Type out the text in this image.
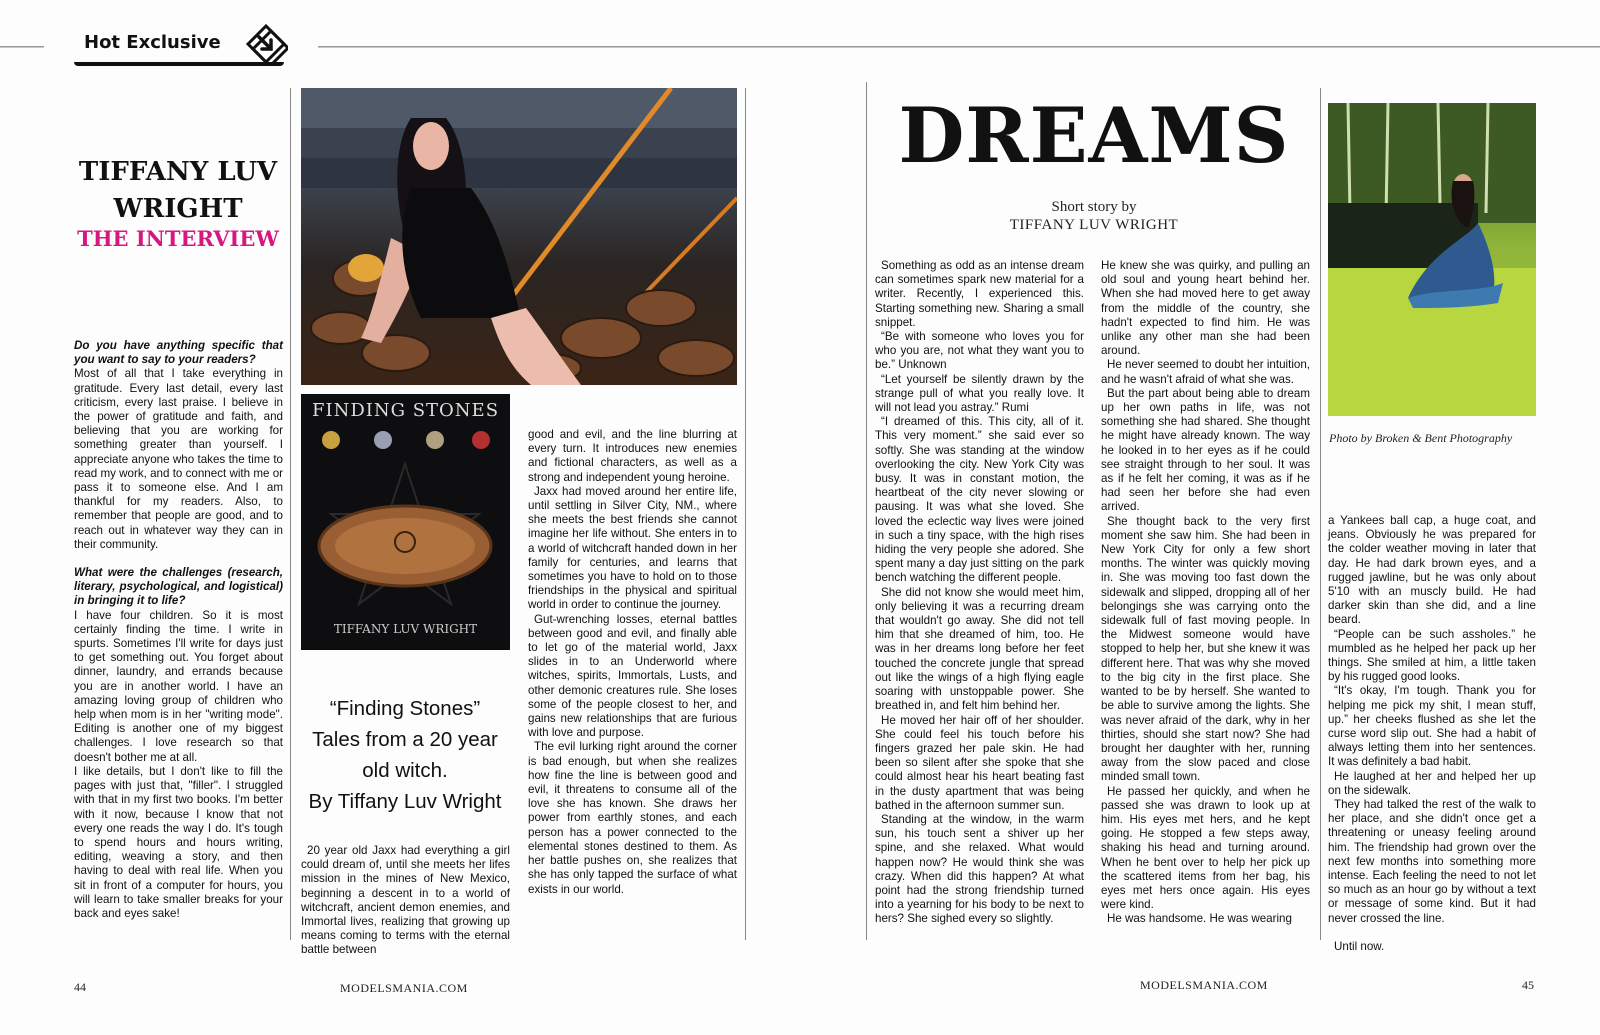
Hot Exclusive
TIFFANY LUV
WRIGHT
THE INTERVIEW

Do you have anything specific that you want to say to your readers?

Most of all that I take everything in gratitude. Every last detail, every last criticism, every last praise. I believe in the power of gratitude and faith, and believing that you are working for something greater than yourself. I appreciate anyone who takes the time to read my work, and to connect with me or pass it to someone else. And I am thankful for my readers. Also, to remember that people are good, and to reach out in whatever way they can in their community.

What were the challenges (research, literary, psychological, and logistical) in bringing it to life?

I have four children. So it is most certainly finding the time. I write in spurts. Sometimes I'll write for days just to get something out. You forget about dinner, laundry, and errands because you are in another world. I have an amazing loving group of children who help when mom is in her "writing mode". Editing is another one of my biggest challenges. I love research so that doesn't bother me at all.

I like details, but I don't like to fill the pages with just that, "filler". I struggled with that in my first two books. I'm better with it now, because I know that not every one reads the way I do. It's tough to spend hours and hours writing, editing, weaving a story, and then having to deal with real life. When you sit in front of a computer for hours, you will learn to take smaller breaks for your back and eyes sake!

FINDING STONES
TIFFANY LUV WRIGHT
“Finding Stones”
Tales from a 20 year
old witch.
By Tiffany Luv Wright

20 year old Jaxx had everything a girl could dream of, until she meets her lifes mission in the mines of New Mexico, beginning a descent in to a world of witchcraft, ancient demon enemies, and Immortal lives, realizing that growing up means coming to terms with the eternal battle between

good and evil, and the line blurring at every turn. It introduces new enemies and fictional characters, as well as a strong and independent young heroine.

Jaxx had moved around her entire life, until settling in Silver City, NM., where she meets the best friends she cannot imagine her life without. She enters in to a world of witchcraft handed down in her family for centuries, and learns that sometimes you have to hold on to those friendships in the physical and spiritual world in order to continue the journey.

Gut-wrenching losses, eternal battles between good and evil, and finally able to let go of the material world, Jaxx slides in to an Underworld where witches, spirits, Immortals, Lusts, and other demonic creatures rule. She loses some of the people closest to her, and gains new relationships that are furious with love and purpose.

The evil lurking right around the corner is bad enough, but when she realizes how fine the line is between good and evil, it threatens to consume all of the love she has known. She draws her power from earthly stones, and each person has a power connected to the elemental stones destined to them. As her battle pushes on, she realizes that she has only tapped the surface of what exists in our world.

44	MODELSMANIA.COM
DREAMS
Short story by
TIFFANY LUV WRIGHT

Something as odd as an intense dream can sometimes spark new material for a writer. Recently, I experienced this. Starting something new. Sharing a small snippet.

“Be with someone who loves you for who you are, not what they want you to be.” Unknown

“Let yourself be silently drawn by the strange pull of what you really love. It will not lead you astray.” Rumi

“I dreamed of this. This city, all of it. This very moment.” she said ever so softly. She was standing at the window overlooking the city. New York City was busy. It was in constant motion, the heartbeat of the city never slowing or pausing. It was what she loved. She loved the eclectic way lives were joined in such a tiny space, with the high rises hiding the very people she adored. She spent many a day just sitting on the park bench watching the different people.

She did not know she would meet him, only believing it was a recurring dream that wouldn't go away. She did not tell him that she dreamed of him, too. He was in her dreams long before her feet touched the concrete jungle that spread out like the wings of a high flying eagle soaring with unstoppable power. She breathed in, and felt him behind her.

He moved her hair off of her shoulder. She could feel his touch before his fingers grazed her pale skin. He had been so silent after she spoke that she could almost hear his heart beating fast in the dusty apartment that was being bathed in the afternoon summer sun.

Standing at the window, in the warm sun, his touch sent a shiver up her spine, and she relaxed. What would happen now? He would think she was crazy. When did this happen? At what point had the strong friendship turned into a yearning for his body to be next to hers? She sighed every so slightly.

He knew she was quirky, and pulling an old soul and young heart behind her. When she had moved here to get away from the middle of the country, she hadn't expected to find him. He was unlike any other man she had been around.

He never seemed to doubt her intuition, and he wasn't afraid of what she was.

But the part about being able to dream up her own paths in life, was not something she had shared. She thought he might have already known. The way he looked in to her eyes as if he could see straight through to her soul. It was as if he felt her coming, it was as if he had seen her before she had even arrived.

She thought back to the very first moment she saw him. She had been in New York City for only a few short months. The winter was quickly moving in. She was moving too fast down the sidewalk and slipped, dropping all of her belongings she was carrying onto the sidewalk full of fast moving people. In the Midwest someone would have stopped to help her, but she knew it was different here. That was why she moved to the big city in the first place. She wanted to be by herself. She wanted to be able to survive among the lights. She was never afraid of the dark, why in her thirties, should she start now? She had brought her daughter with her, running away from the slow paced and close minded small town.

He passed her quickly, and when he passed she was drawn to look up at him. His eyes met hers, and he kept going. He stopped a few steps away, shaking his head and turning around. When he bent over to help her pick up the scattered items from her bag, his eyes met hers once again. His eyes were kind.

He was handsome. He was wearing

Photo by Broken & Bent Photography

a Yankees ball cap, a huge coat, and jeans. Obviously he was prepared for the colder weather moving in later that day. He had dark brown eyes, and a rugged jawline, but he was only about 5'10 with an muscly build. He had darker skin than she did, and a line beard.

“People can be such assholes.” he mumbled as he helped her pack up her things. She smiled at him, a little taken by his rugged good looks.

“It's okay, I'm tough. Thank you for helping me pick my shit, I mean stuff, up.” her cheeks flushed as she let the curse word slip out. She had a habit of always letting them into her sentences. It was definitely a bad habit.

He laughed at her and helped her up on the sidewalk.

They had talked the rest of the walk to her place, and she didn't once get a threatening or uneasy feeling around him. The friendship had grown over the next few months into something more intense. Each feeling the need to not let so much as an hour go by without a text or message of some kind. But it had never crossed the line.

Until now.

MODELSMANIA.COM	45
